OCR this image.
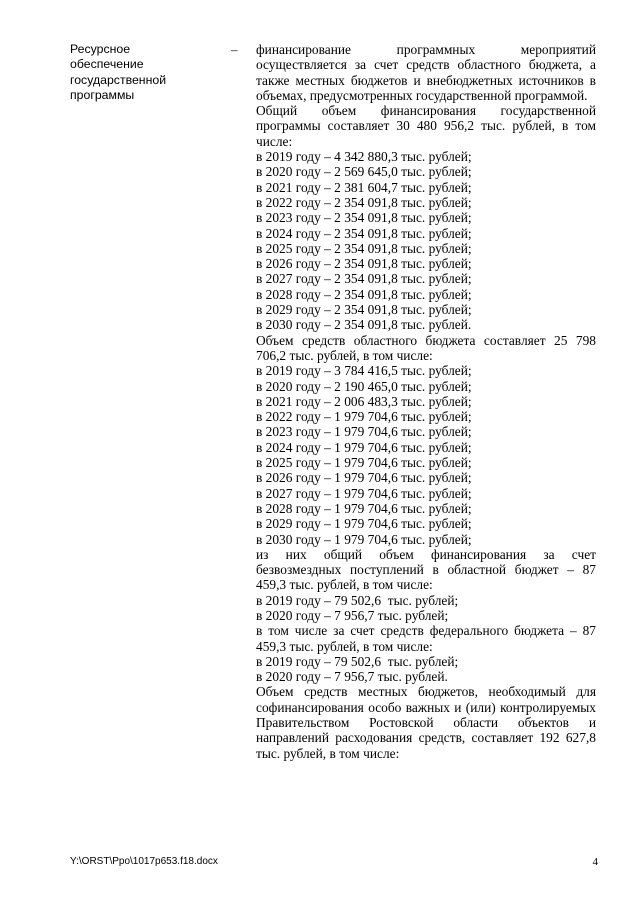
Ресурсное
обеспечение
государственной
программы
– финансирование программных мероприятий осуществляется за счет средств областного бюджета, а также местных бюджетов и внебюджетных источников в объемах, предусмотренных государственной программой.

Общий объем финансирования государственной программы составляет 30 480 956,2 тыс. рублей, в том числе:

в 2019 году – 4 342 880,3 тыс. рублей;

в 2020 году – 2 569 645,0 тыс. рублей;

в 2021 году – 2 381 604,7 тыс. рублей;

в 2022 году – 2 354 091,8 тыс. рублей;

в 2023 году – 2 354 091,8 тыс. рублей;

в 2024 году – 2 354 091,8 тыс. рублей;

в 2025 году – 2 354 091,8 тыс. рублей;

в 2026 году – 2 354 091,8 тыс. рублей;

в 2027 году – 2 354 091,8 тыс. рублей;

в 2028 году – 2 354 091,8 тыс. рублей;

в 2029 году – 2 354 091,8 тыс. рублей;

в 2030 году – 2 354 091,8 тыс. рублей.

Объем средств областного бюджета составляет 25 798 706,2 тыс. рублей, в том числе:

в 2019 году – 3 784 416,5 тыс. рублей;

в 2020 году – 2 190 465,0 тыс. рублей;

в 2021 году – 2 006 483,3 тыс. рублей;

в 2022 году – 1 979 704,6 тыс. рублей;

в 2023 году – 1 979 704,6 тыс. рублей;

в 2024 году – 1 979 704,6 тыс. рублей;

в 2025 году – 1 979 704,6 тыс. рублей;

в 2026 году – 1 979 704,6 тыс. рублей;

в 2027 году – 1 979 704,6 тыс. рублей;

в 2028 году – 1 979 704,6 тыс. рублей;

в 2029 году – 1 979 704,6 тыс. рублей;

в 2030 году – 1 979 704,6 тыс. рублей;

из них общий объем финансирования за счет безвозмездных поступлений в областной бюджет – 87 459,3 тыс. рублей, в том числе:

в 2019 году – 79 502,6  тыс. рублей;

в 2020 году – 7 956,7 тыс. рублей;

в том числе за счет средств федерального бюджета – 87 459,3 тыс. рублей, в том числе:

в 2019 году – 79 502,6  тыс. рублей;

в 2020 году – 7 956,7 тыс. рублей.

Объем средств местных бюджетов, необходимый для софинансирования особо важных и (или) контролируемых Правительством Ростовской области объектов и направлений расходования средств, составляет 192 627,8 тыс. рублей, в том числе:

Y:\ORST\Ppo\1017p653.f18.docx	4
